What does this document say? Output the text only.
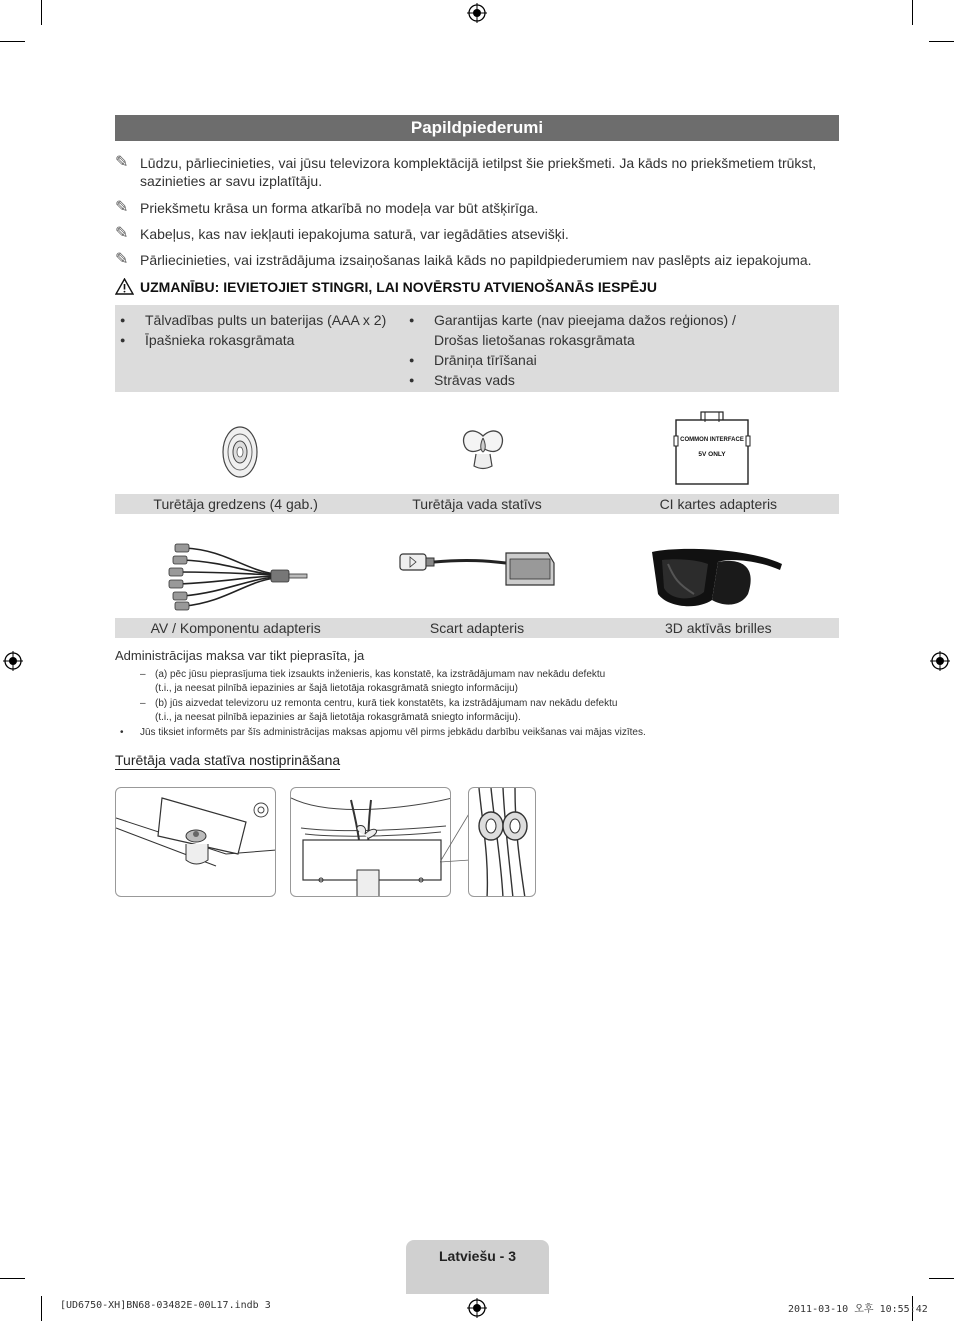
Papildpiederumi
✎ Lūdzu, pārliecinieties, vai jūsu televizora komplektācijā ietilpst šie priekšmeti. Ja kāds no priekšmetiem trūkst, sazinieties ar savu izplatītāju.
✎ Priekšmetu krāsa un forma atkarībā no modeļa var būt atšķirīga.
✎ Kabeļus, kas nav iekļauti iepakojuma saturā, var iegādāties atsevišķi.
✎ Pārliecinieties, vai izstrādājuma izsaiņošanas laikā kāds no papildpiederumiem nav paslēpts aiz iepakojuma.
UZMANĪBU: IEVIETOJIET STINGRI, LAI NOVĒRSTU ATVIENOŠANĀS IESPĒJU
● Tālvadības pults un baterijas (AAA x 2)
● Īpašnieka rokasgrāmata
● Garantijas karte (nav pieejama dažos reģionos) /
Drošas lietošanas rokasgrāmata
● Drāniņa tīrīšanai
● Strāvas vads
COMMON INTERFACE
5V ONLY
Turētāja gredzens (4 gab.)	Turētāja vada statīvs	CI kartes adapteris
AV / Komponentu adapteris	Scart adapteris	3D aktīvās brilles
Administrācijas maksa var tikt pieprasīta, ja
– (a) pēc jūsu pieprasījuma tiek izsaukts inženieris, kas konstatē, ka izstrādājumam nav nekādu defektu
(t.i., ja neesat pilnībā iepazinies ar šajā lietotāja rokasgrāmatā sniegto informāciju)
– (b) jūs aizvedat televizoru uz remonta centru, kurā tiek konstatēts, ka izstrādājumam nav nekādu defektu
(t.i., ja neesat pilnībā iepazinies ar šajā lietotāja rokasgrāmatā sniegto informāciju).
• Jūs tiksiet informēts par šīs administrācijas maksas apjomu vēl pirms jebkādu darbību veikšanas vai mājas vizītes.
Turētāja vada statīva nostiprināšana
Latviešu - 3
[UD6750-XH]BN68-03482E-00L17.indb 3	2011-03-10 오후 10:55:42
